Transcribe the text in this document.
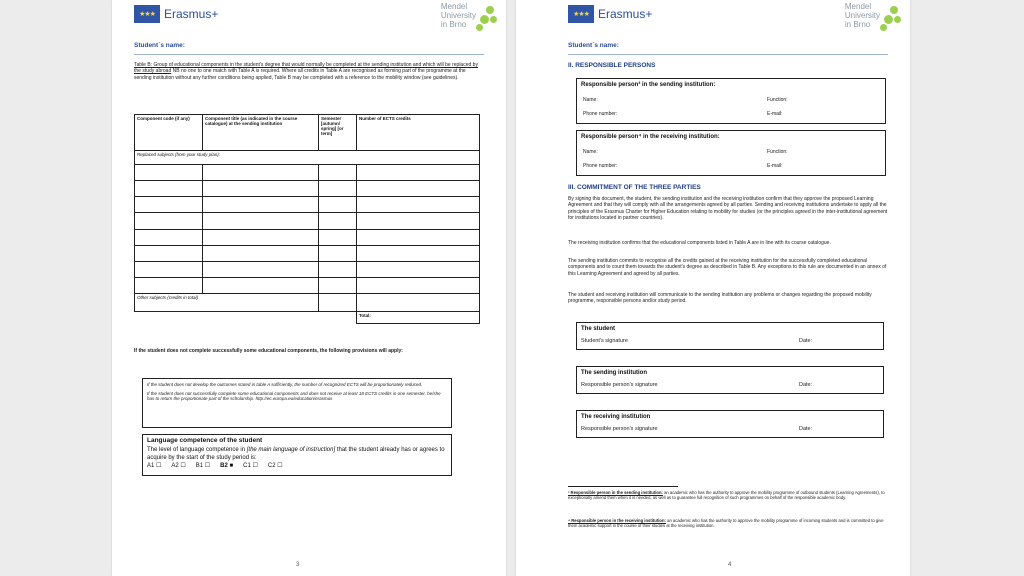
★★★ Erasmus+
Mendel
University
in Brno
Student´s name:
Table B: Group of educational components in the student's degree that would normally be completed at the sending institution and which will be replaced by the study abroad NB no one to one match with Table A is required. Where all credits in Table A are recognised as forming part of the programme at the sending institution without any further conditions being applied, Table B may be completed with a reference to the mobility window (see guidelines).
Component code (if any)	Component title (as indicated in the course catalogue) at the sending institution	Semester [autumn/ spring] [or term]	Number of ECTS credits
Replaced subjects (from your study plan):			

Other subjects (credits in total)			
			Total:
If the student does not complete successfully some educational components, the following provisions will apply:
If the student does not develop the outcomes stated in table A sufficiently, the number of recognized ECTS will be proportionately reduced.
If the student does not successfully complete some educational components and does not receive at least 18 ECTS credits in one semester, he/she has to return the proportionate part of the scholarship. http://ec.europa.eu/education/erasmus
Language competence of the student
The level of language competence in [the main language of instruction] that the student already has or agrees to acquire by the start of the study period is:
A1 ☐ A2 ☐ B1 ☐ B2 ■ C1 ☐ C2 ☐
3
★★★ Erasmus+
Mendel
University
in Brno
Student´s name:
II. RESPONSIBLE PERSONS
Responsible person³ in the sending institution:
Name:	Function:
Phone number:	E-mail:
Responsible person⁴ in the receiving institution:
Name:	Function:
Phone number:	E-mail:
III. COMMITMENT OF THE THREE PARTIES
By signing this document, the student, the sending institution and the receiving institution confirm that they approve the proposed Learning Agreement and that they will comply with all the arrangements agreed by all parties. Sending and receiving institutions undertake to apply all the principles of the Erasmus Charter for Higher Education relating to mobility for studies (or the principles agreed in the inter-institutional agreement for institutions located in partner countries).
The receiving institution confirms that the educational components listed in Table A are in line with its course catalogue.
The sending institution commits to recognise all the credits gained at the receiving institution for the successfully completed educational components and to count them towards the student's degree as described in Table B. Any exceptions to this rule are documented in an annex of this Learning Agreement and agreed by all parties.
The student and receiving institution will communicate to the sending institution any problems or changes regarding the proposed mobility programme, responsible persons and/or study period.
The student
Student's signature	Date:
The sending institution
Responsible person's signature	Date:
The receiving institution
Responsible person's signature	Date:
³ Responsible person in the sending institution: an academic who has the authority to approve the mobility programme of outbound students (Learning Agreements), to exceptionally amend them when it is needed, as well as to guarantee full recognition of such programmes on behalf of the responsible academic body.
⁴ Responsible person in the receiving institution: an academic who has the authority to approve the mobility programme of incoming students and is committed to give them academic support in the course of their studies at the receiving institution.
4
